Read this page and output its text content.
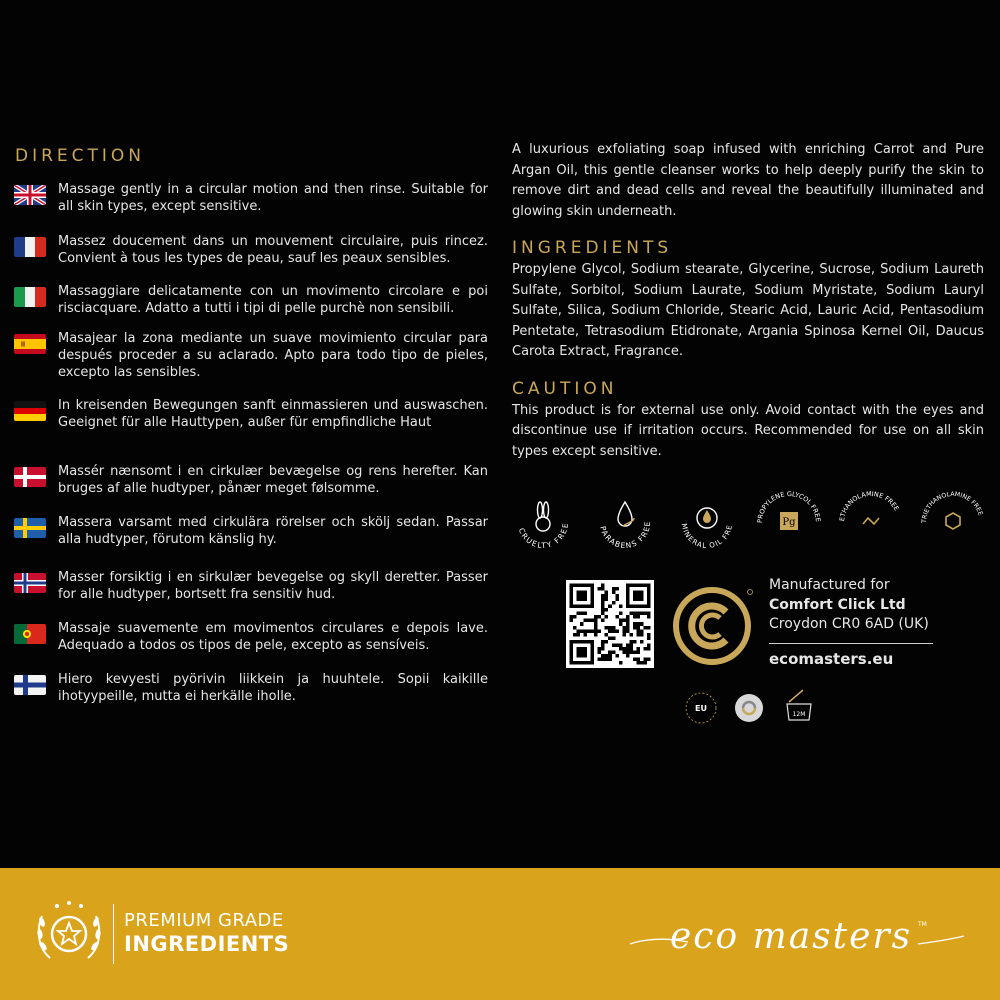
DIRECTION
Massage gently in a circular motion and then rinse. Suitable for all skin types, except sensitive.
Massez doucement dans un mouvement circulaire, puis rincez. Convient à tous les types de peau, sauf les peaux sensibles.
Massaggiare delicatamente con un movimento circolare e poi risciacquare. Adatto a tutti i tipi di pelle purchè non sensibili.
Masajear la zona mediante un suave movimiento circular para después proceder a su aclarado. Apto para todo tipo de pieles, excepto las sensibles.
In kreisenden Bewegungen sanft einmassieren und auswaschen. Geeignet für alle Hauttypen, außer für empfindliche Haut
Massér nænsomt i en cirkulær bevægelse og rens herefter. Kan bruges af alle hudtyper, pånær meget følsomme.
Massera varsamt med cirkulära rörelser och skölj sedan. Passar alla hudtyper, förutom känslig hy.
Masser forsiktig i en sirkulær bevegelse og skyll deretter. Passer for alle hudtyper, bortsett fra sensitiv hud.
Massaje suavemente em movimentos circulares e depois lave. Adequado a todos os tipos de pele, excepto as sensíveis.
Hiero kevyesti pyörivin liikkein ja huuhtele. Sopii kaikille ihotyypeille, mutta ei herkälle iholle.

A luxurious exfoliating soap infused with enriching Carrot and Pure Argan Oil, this gentle cleanser works to help deeply purify the skin to remove dirt and dead cells and reveal the beautifully illuminated and glowing skin underneath.

INGREDIENTS

Propylene Glycol, Sodium stearate, Glycerine, Sucrose, Sodium Laureth Sulfate, Sorbitol, Sodium Laurate, Sodium Myristate, Sodium Lauryl Sulfate, Silica, Sodium Chloride, Stearic Acid, Lauric Acid, Pentasodium Pentetate, Tetrasodium Etidronate, Argania Spinosa Kernel Oil, Daucus Carota Extract, Fragrance.

CAUTION

This product is for external use only. Avoid contact with the eyes and discontinue use if irritation occurs. Recommended for use on all skin types except sensitive.

CRUELTY FREE	PARABENS FREE	MINERAL OIL FRE	Pg
PROPYLENE GLYCOL FREE ETHANOLAMINE FREE
TRIETHANOLAMINE FREE
Manufactured for
Comfort Click Ltd
Croydon CR0 6AD (UK)
ecomasters.eu
EU
12M
PREMIUM GRADE
INGREDIENTS	eco masters TM
